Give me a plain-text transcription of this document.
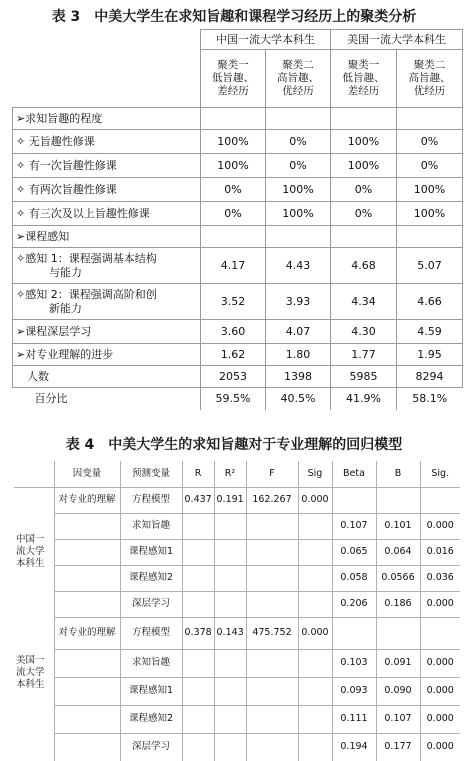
表 3　中美大学生在求知旨趣和课程学习经历上的聚类分析
	中国一流大学本科生		美国一流大学本科生	
	聚类一
低旨趣、
差经历	聚类二
高旨趣、
优经历	聚类一
低旨趣、
差经历	聚类二
高旨趣、
优经历
➢求知旨趣的程度				
✧ 无旨趣性修课	100%	0%	100%	0%
✧ 有一次旨趣性修课	100%	0%	100%	0%
✧ 有两次旨趣性修课	0%	100%	0%	100%
✧ 有三次及以上旨趣性修课	0%	100%	0%	100%
➢课程感知				
✧感知 1：课程强调基本结构
　　　与能力	4.17	4.43	4.68	5.07
✧感知 2：课程强调高阶和创
　　　新能力	3.52	3.93	4.34	4.66
➢课程深层学习	3.60	4.07	4.30	4.59
➢对专业理解的进步	1.62	1.80	1.77	1.95
人数	2053	1398	5985	8294
百分比	59.5%	40.5%	41.9%	58.1%
表 4　中美大学生的求知旨趣对于专业理解的回归模型
	因变量	预测变量	R	R²	F	Sig	Beta	B	Sig.
中国一
流大学
本科生	对专业的理解	方程模型	0.437	0.191	162.267	0.000			
		求知旨趣					0.107	0.101	0.000
		课程感知1					0.065	0.064	0.016
		课程感知2					0.058	0.0566	0.036
		深层学习					0.206	0.186	0.000
	对专业的理解	方程模型	0.378	0.143	475.752	0.000			
美国一
流大学
本科生		求知旨趣					0.103	0.091	0.000
		课程感知1					0.093	0.090	0.000
		课程感知2					0.111	0.107	0.000
		深层学习					0.194	0.177	0.000
